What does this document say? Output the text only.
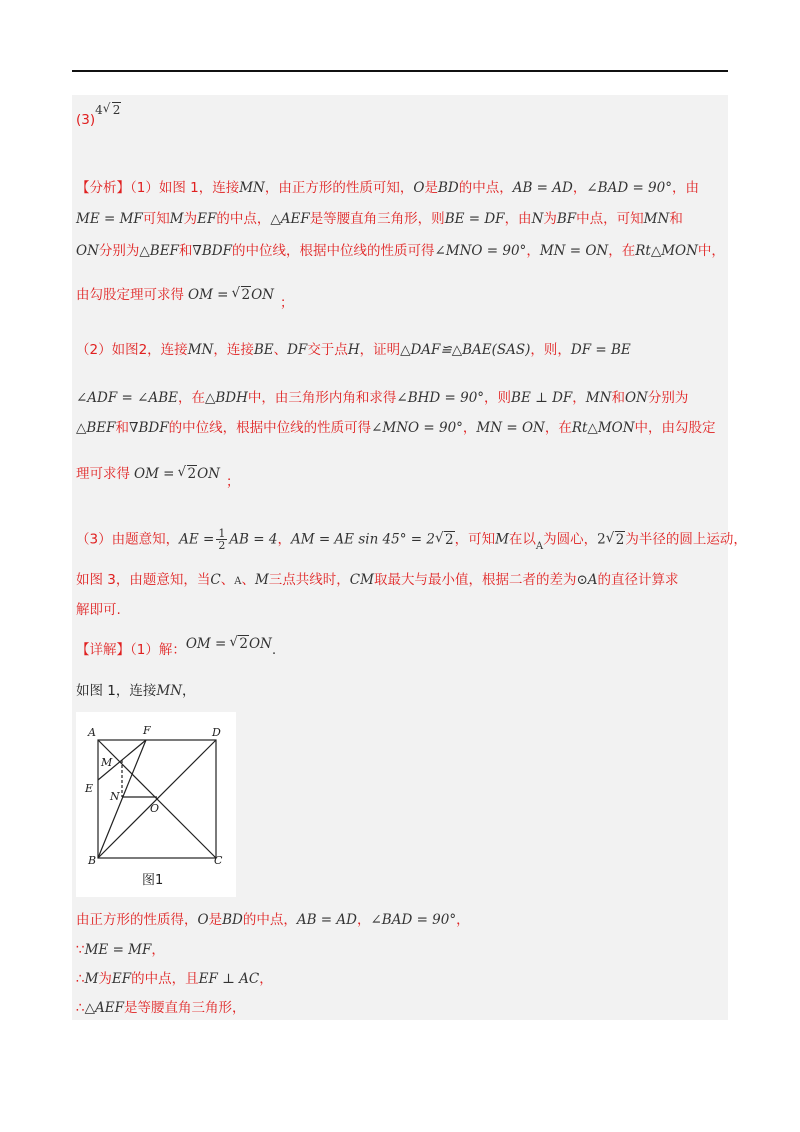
(3)4 √ 2
【分析】（1）如图 1，连接MN，由正方形的性质可知，O是BD的中点，AB = AD，∠BAD = 90°，由
ME = MF可知M为EF的中点，△AEF是等腰直角三角形，则BE = DF，由N为BF中点，可知MN和
ON分别为△BEF和∇BDF的中位线，根据中位线的性质可得∠MNO = 90°，MN = ON，在Rt△MON中，
由勾股定理可求得 OM = √ 2ON ；
（2）如图2，连接MN，连接BE、DF交于点H，证明△DAF≌△BAE(SAS)，则，DF = BE
∠ADF = ∠ABE，在△BDH中，由三角形内角和求得∠BHD = 90°，则BE ⊥ DF，MN和ON分别为
△BEF和∇BDF的中位线，根据中位线的性质可得∠MNO = 90°，MN = ON，在Rt△MON中，由勾股定
理可求得 OM = √ 2ON ；
（3）由题意知，AE = $\frac{1}{2}$ AB = 4，AM = AE sin 45° = 2 √ 2，可知M在以$_A$为圆心，2 √ 2为半径的圆上运动，
如图 3，由题意知，当C、A、M三点共线时，CM取最大与最小值，根据二者的差为⊙A的直径计算求
解即可.
【详解】（1）解：OM = √ 2ON.
如图 1，连接MN，
A	F	D
M
E
N
O
B	C
图1
由正方形的性质得，O是BD的中点，AB = AD，∠BAD = 90°，
∵ME = MF，
∴M为EF的中点，且EF ⊥ AC，
∴△AEF是等腰直角三角形，
